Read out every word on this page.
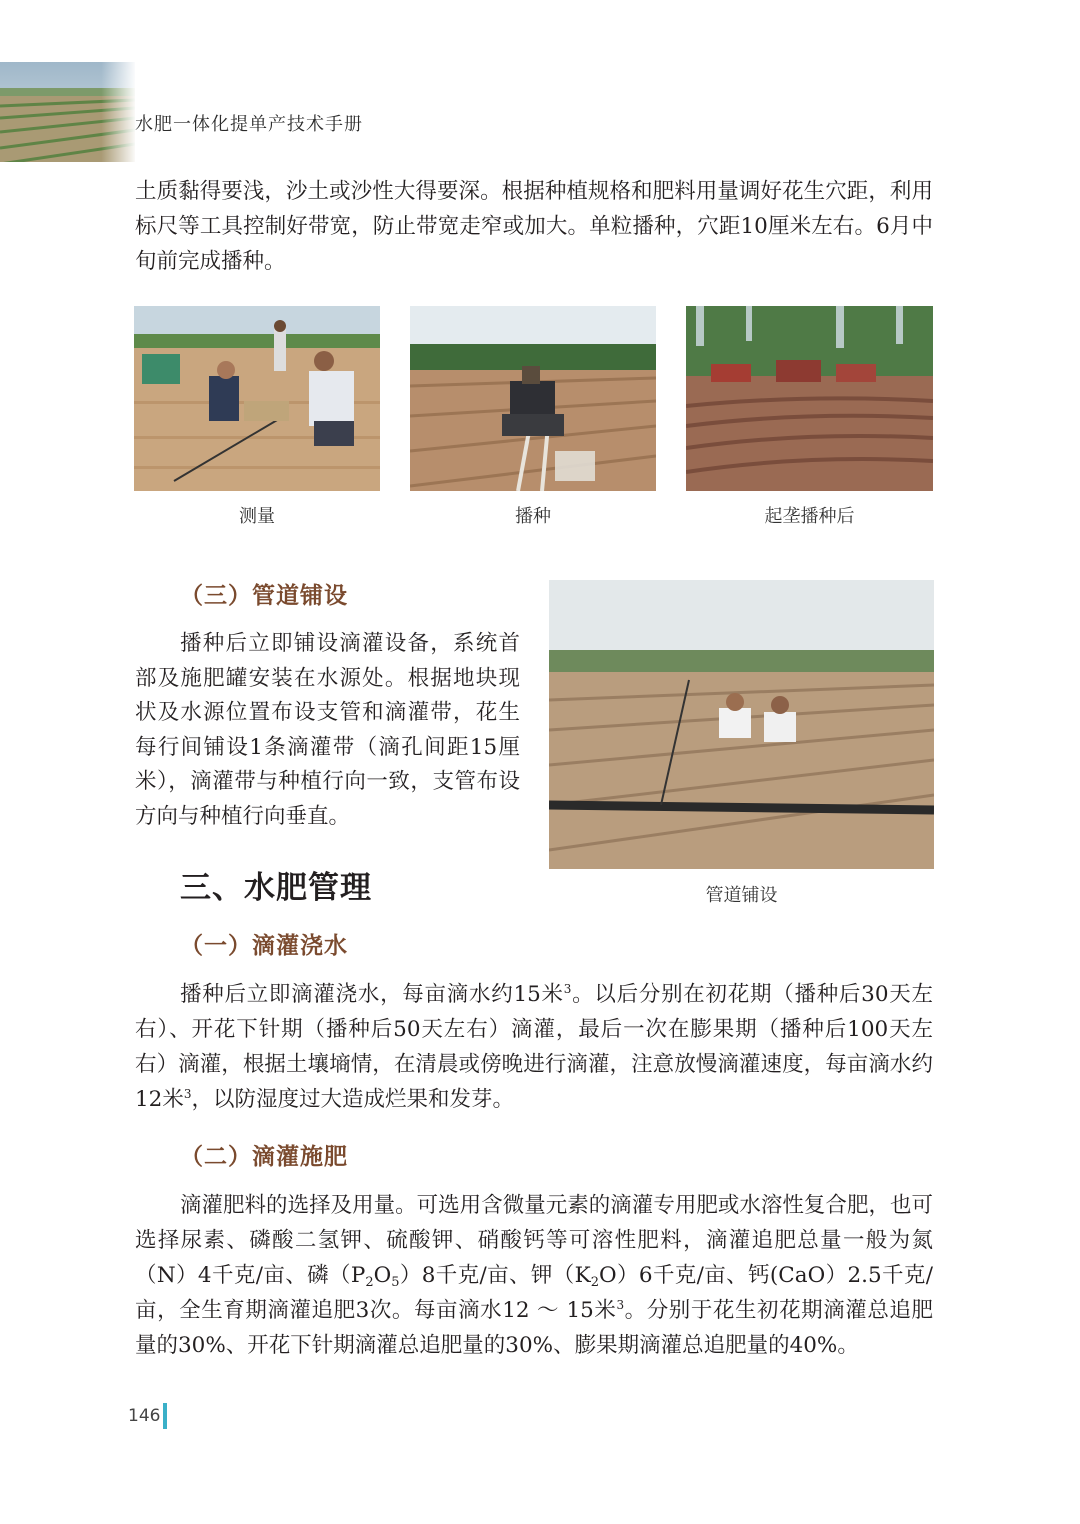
水肥一体化提单产技术手册

土质黏得要浅，沙土或沙性大得要深。根据种植规格和肥料用量调好花生穴距，利用标尺等工具控制好带宽，防止带宽走窄或加大。单粒播种，穴距10厘米左右。6月中旬前完成播种。

测量	播种	起垄播种后
（三）管道铺设

播种后立即铺设滴灌设备，系统首部及施肥罐安装在水源处。根据地块现状及水源位置布设支管和滴灌带，花生每行间铺设1条滴灌带（滴孔间距15厘米），滴灌带与种植行向一致，支管布设方向与种植行向垂直。

管道铺设
三、水肥管理
（一）滴灌浇水

播种后立即滴灌浇水，每亩滴水约15米$^3$。以后分别在初花期（播种后30天左右）、开花下针期（播种后50天左右）滴灌，最后一次在膨果期（播种后100天左右）滴灌，根据土壤墒情，在清晨或傍晚进行滴灌，注意放慢滴灌速度，每亩滴水约12米$^3$，以防湿度过大造成烂果和发芽。

（二）滴灌施肥

滴灌肥料的选择及用量。可选用含微量元素的滴灌专用肥或水溶性复合肥，也可选择尿素、磷酸二氢钾、硫酸钾、硝酸钙等可溶性肥料，滴灌追肥总量一般为氮（N）4千克/亩、磷$(P_2O_5)8$千克/亩、钾$(K_2O)6$千克/亩、钙(CaO）2.5千克/亩，全生育期滴灌追肥3次。每亩滴水12 ～ 15米$^3$。分别于花生初花期滴灌总追肥量的30%、开花下针期滴灌总追肥量的30%、膨果期滴灌总追肥量的40%。

146
